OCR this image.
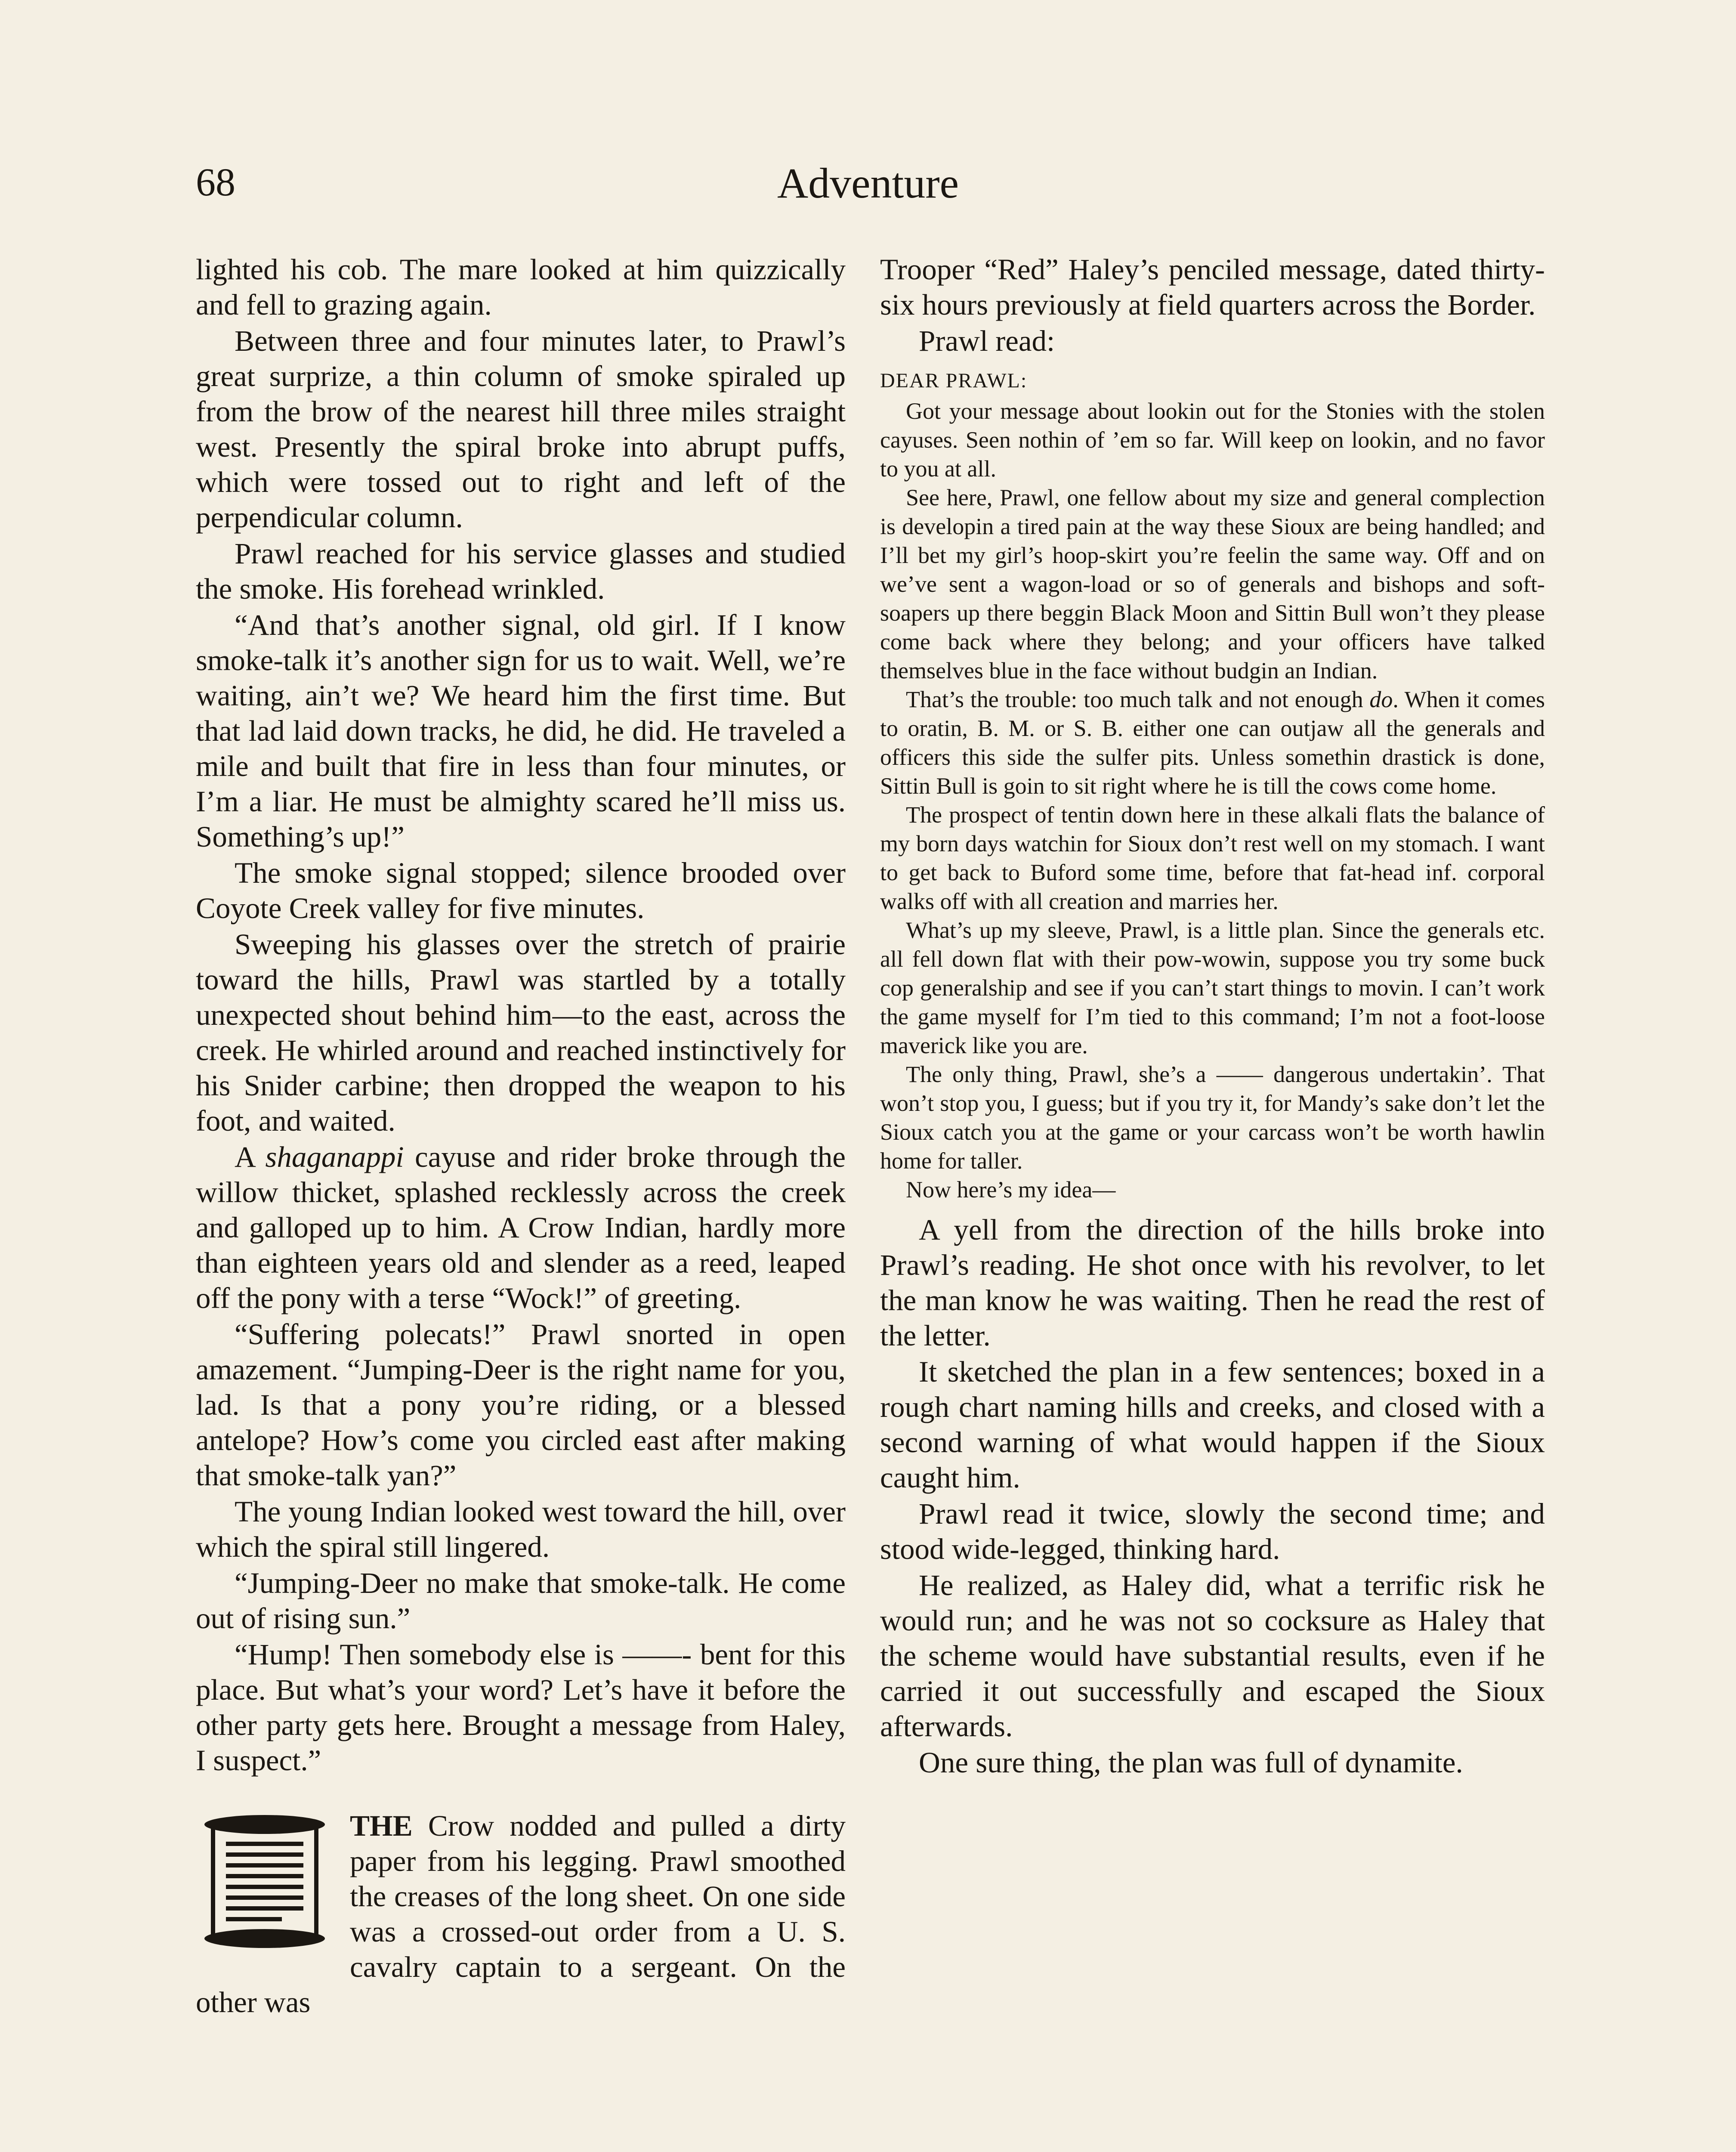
68	Adventure

lighted his cob. The mare looked at him quizzically and fell to grazing again.

Between three and four minutes later, to Prawl’s great surprize, a thin column of smoke spiraled up from the brow of the nearest hill three miles straight west. Presently the spiral broke into abrupt puffs, which were tossed out to right and left of the perpendicular column.

Prawl reached for his service glasses and studied the smoke. His forehead wrinkled.

“And that’s another signal, old girl. If I know smoke-talk it’s another sign for us to wait. Well, we’re waiting, ain’t we? We heard him the first time. But that lad laid down tracks, he did, he did. He traveled a mile and built that fire in less than four minutes, or I’m a liar. He must be almighty scared he’ll miss us. Something’s up!”

The smoke signal stopped; silence brooded over Coyote Creek valley for five minutes.

Sweeping his glasses over the stretch of prairie toward the hills, Prawl was startled by a totally unexpected shout behind him—to the east, across the creek. He whirled around and reached instinctively for his Snider carbine; then dropped the weapon to his foot, and waited.

A shaganappi cayuse and rider broke through the willow thicket, splashed recklessly across the creek and galloped up to him. A Crow Indian, hardly more than eighteen years old and slender as a reed, leaped off the pony with a terse “Wock!” of greeting.

“Suffering polecats!” Prawl snorted in open amazement. “Jumping-Deer is the right name for you, lad. Is that a pony you’re riding, or a blessed antelope? How’s come you circled east after making that smoke-talk yan?”

The young Indian looked west toward the hill, over which the spiral still lingered.

“Jumping-Deer no make that smoke-talk. He come out of rising sun.”

“Hump! Then somebody else is ——- bent for this place. But what’s your word? Let’s have it before the other party gets here. Brought a message from Haley, I suspect.”

THE Crow nodded and pulled a dirty paper from his legging. Prawl smoothed the creases of the long sheet. On one side was a crossed-out order from a U. S. cavalry captain to a sergeant. On the other was

Trooper “Red” Haley’s penciled message, dated thirty-six hours previously at field quarters across the Border.

Prawl read:

DEAR PRAWL:

Got your message about lookin out for the Stonies with the stolen cayuses. Seen nothin of ’em so far. Will keep on lookin, and no favor to you at all.

See here, Prawl, one fellow about my size and general complection is developin a tired pain at the way these Sioux are being handled; and I’ll bet my girl’s hoop-skirt you’re feelin the same way. Off and on we’ve sent a wagon-load or so of generals and bishops and soft-soapers up there beggin Black Moon and Sittin Bull won’t they please come back where they belong; and your officers have talked themselves blue in the face without budgin an Indian.

That’s the trouble: too much talk and not enough do. When it comes to oratin, B. M. or S. B. either one can outjaw all the generals and officers this side the sulfer pits. Unless somethin drastick is done, Sittin Bull is goin to sit right where he is till the cows come home.

The prospect of tentin down here in these alkali flats the balance of my born days watchin for Sioux don’t rest well on my stomach. I want to get back to Buford some time, before that fat-head inf. corporal walks off with all creation and marries her.

What’s up my sleeve, Prawl, is a little plan. Since the generals etc. all fell down flat with their pow-wowin, suppose you try some buck cop generalship and see if you can’t start things to movin. I can’t work the game myself for I’m tied to this command; I’m not a foot-loose maverick like you are.

The only thing, Prawl, she’s a —— dangerous undertakin’. That won’t stop you, I guess; but if you try it, for Mandy’s sake don’t let the Sioux catch you at the game or your carcass won’t be worth hawlin home for taller.

Now here’s my idea—

A yell from the direction of the hills broke into Prawl’s reading. He shot once with his revolver, to let the man know he was waiting. Then he read the rest of the letter.

It sketched the plan in a few sentences; boxed in a rough chart naming hills and creeks, and closed with a second warning of what would happen if the Sioux caught him.

Prawl read it twice, slowly the second time; and stood wide-legged, thinking hard.

He realized, as Haley did, what a terrific risk he would run; and he was not so cocksure as Haley that the scheme would have substantial results, even if he carried it out successfully and escaped the Sioux afterwards.

One sure thing, the plan was full of dynamite.
